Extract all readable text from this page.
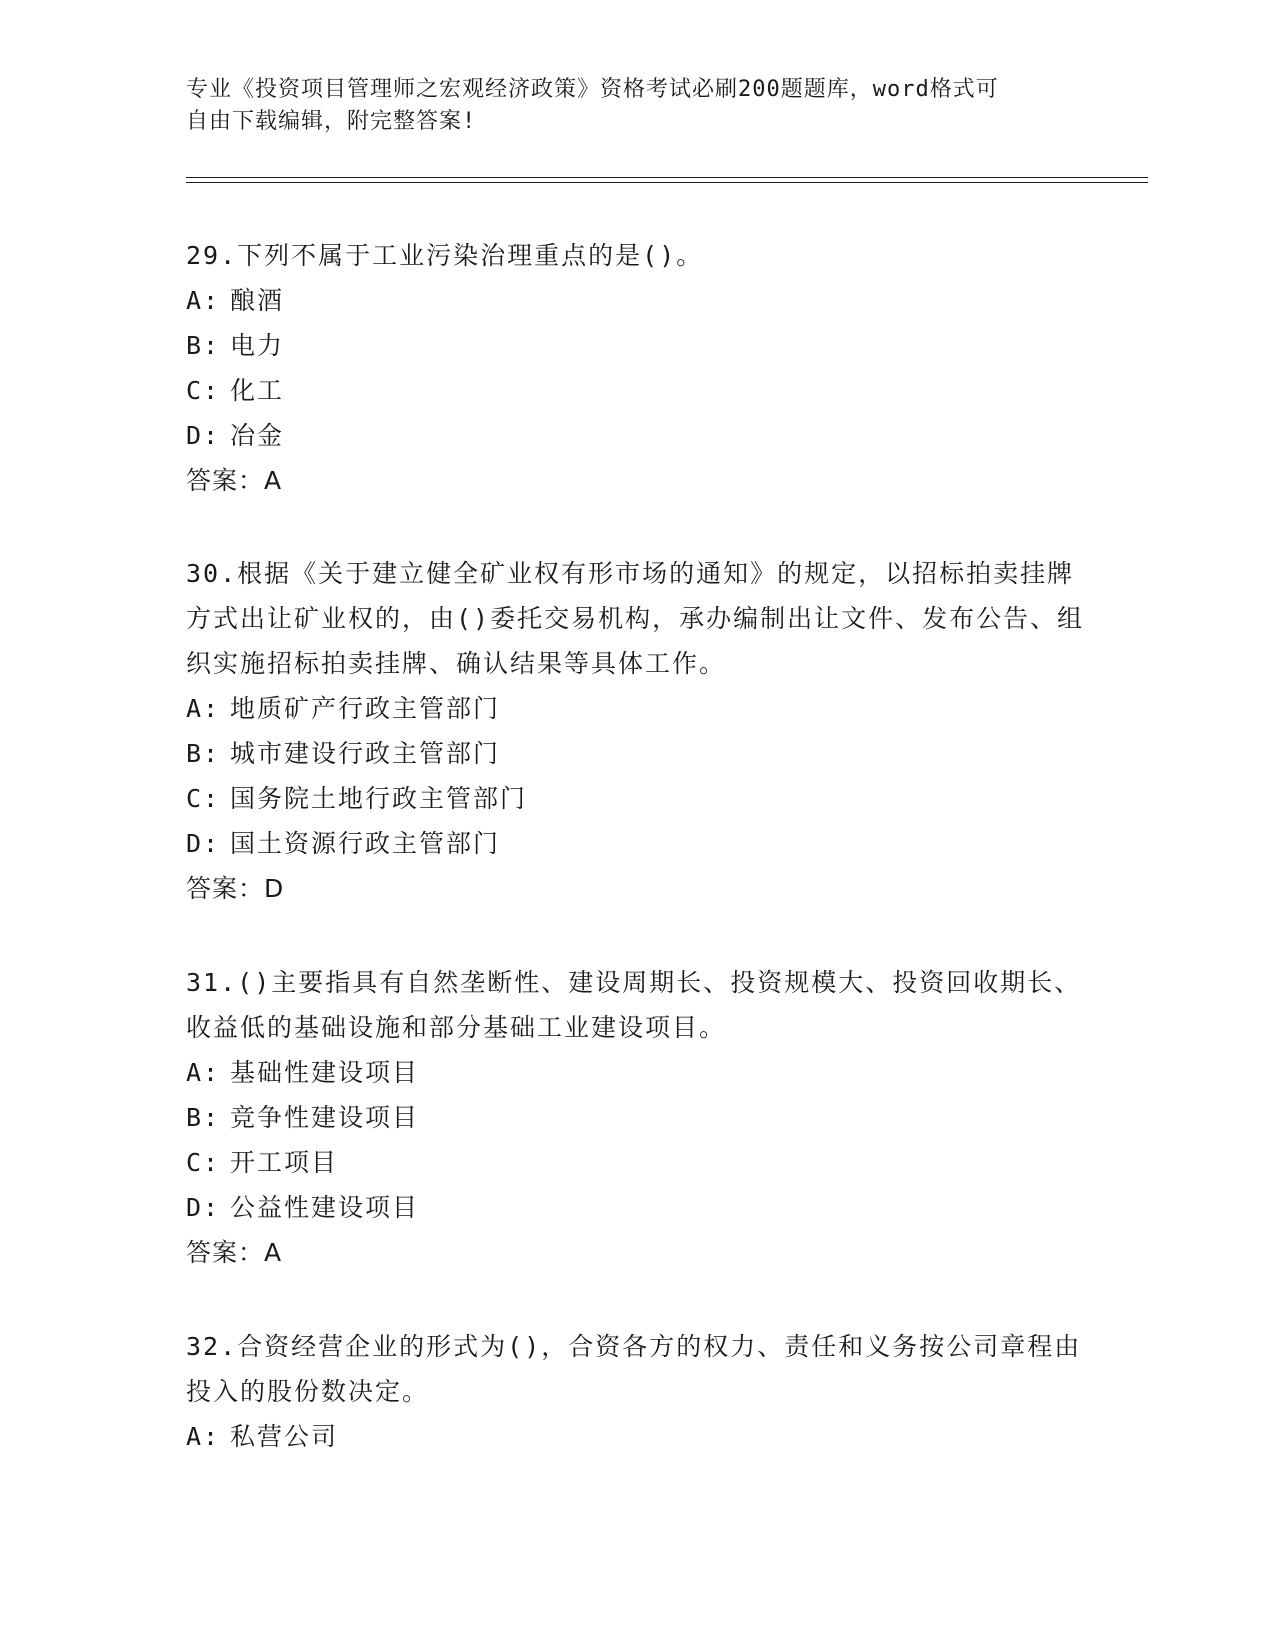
专业《投资项目管理师之宏观经济政策》资格考试必刷200题题库，word格式可
自由下载编辑，附完整答案!

29.下列不属于工业污染治理重点的是()。

A: 酿酒

B: 电力

C: 化工

D: 冶金

答案：A

30.根据《关于建立健全矿业权有形市场的通知》的规定，以招标拍卖挂牌方式出让矿业权的，由()委托交易机构，承办编制出让文件、发布公告、组织实施招标拍卖挂牌、确认结果等具体工作。

A: 地质矿产行政主管部门

B: 城市建设行政主管部门

C: 国务院土地行政主管部门

D: 国土资源行政主管部门

答案：D

31.()主要指具有自然垄断性、建设周期长、投资规模大、投资回收期长、收益低的基础设施和部分基础工业建设项目。

A: 基础性建设项目

B: 竞争性建设项目

C: 开工项目

D: 公益性建设项目

答案：A

32.合资经营企业的形式为()，合资各方的权力、责任和义务按公司章程由投入的股份数决定。

A: 私营公司
